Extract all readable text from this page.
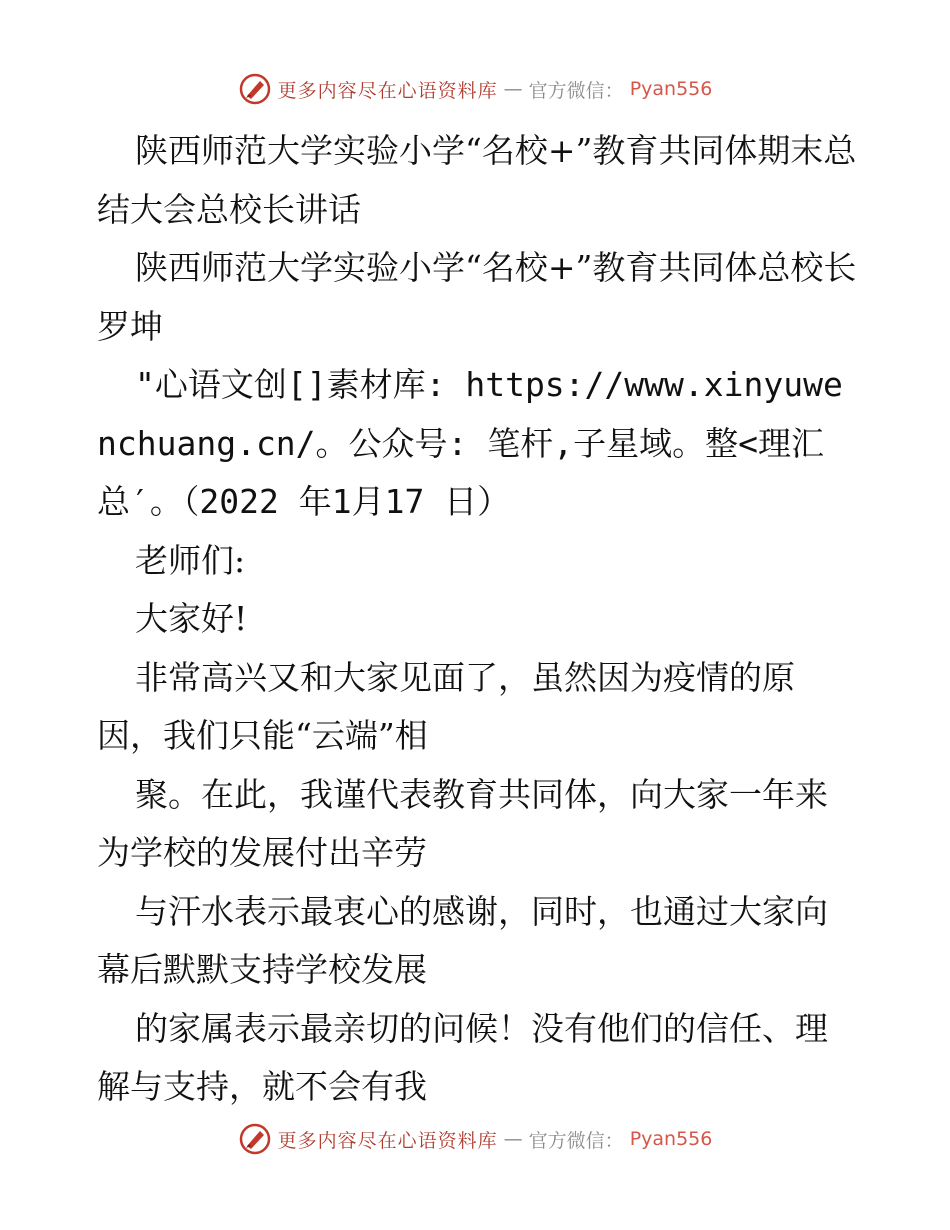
更多内容尽在心语资料库 — 官方微信： Pyan556

陕西师范大学实验小学“名校+”教育共同体期末总结大会总校长讲话

陕西师范大学实验小学“名校+”教育共同体总校长 罗坤

"心语文创[]素材库: https://www.xinyuwenchuang.cn/。公众号: 笔杆,子星域。整<理汇总′。（2022 年1月17 日）

老师们:

大家好!

非常高兴又和大家见面了，虽然因为疫情的原因，我们只能“云端”相

聚。在此，我谨代表教育共同体，向大家一年来为学校的发展付出辛劳

与汗水表示最衷心的感谢，同时，也通过大家向幕后默默支持学校发展

的家属表示最亲切的问候！没有他们的信任、理解与支持，就不会有我

更多内容尽在心语资料库 — 官方微信： Pyan556
